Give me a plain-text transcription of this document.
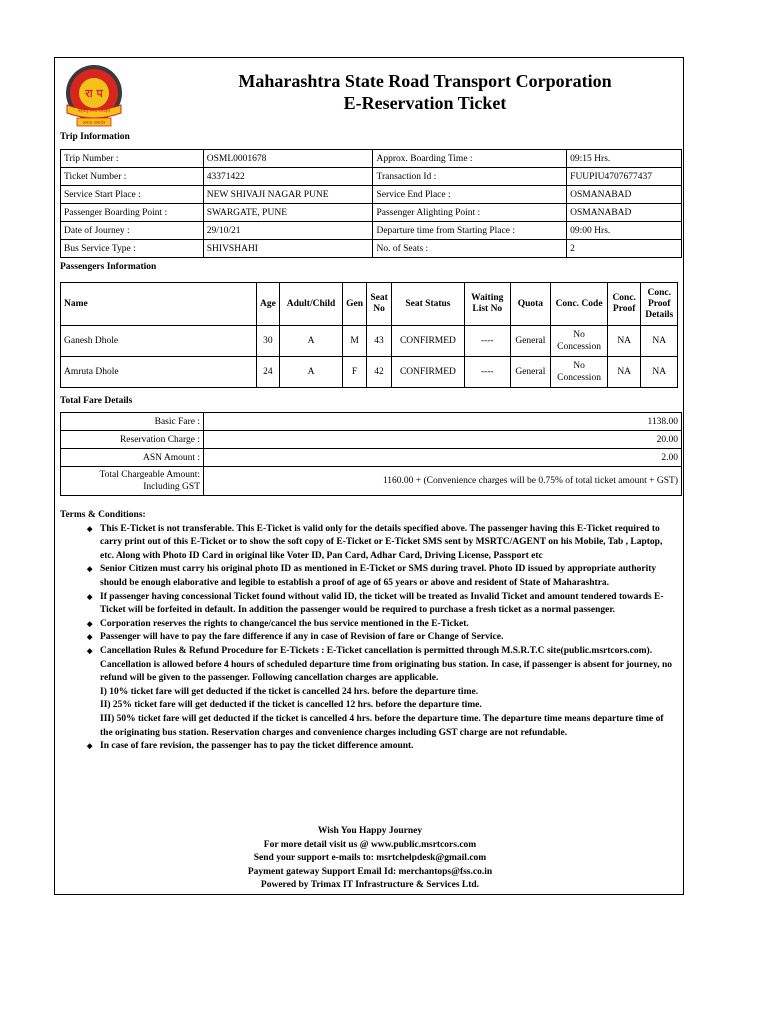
रा प
महाराष्ट्र राज्य परिवहन
जनता जनार्दन
Maharashtra State Road Transport Corporation
E-Reservation Ticket
Trip Information
Trip Number :	OSML0001678	Approx. Boarding Time :	09:15 Hrs.
Ticket Number :	43371422	Transaction Id :	FUUPIU4707677437
Service Start Place :	NEW SHIVAJI NAGAR PUNE	Service End Place :	OSMANABAD
Passenger Boarding Point :	SWARGATE, PUNE	Passenger Alighting Point :	OSMANABAD
Date of Journey :	29/10/21	Departure time from Starting Place :	09:00 Hrs.
Bus Service Type :	SHIVSHAHI	No. of Seats :	2
Passengers Information
Name	Age	Adult/Child	Gen	Seat No	Seat Status	Waiting List No	Quota	Conc. Code	Conc. Proof	Conc. Proof Details
Ganesh Dhole	30	A	M	43	CONFIRMED	----	General	No Concession	NA	NA
Amruta Dhole	24	A	F	42	CONFIRMED	----	General	No Concession	NA	NA
Total Fare Details
Basic Fare :	1138.00
Reservation Charge :	20.00
ASN Amount :	2.00

Total Chargeable Amount:
Including GST	1160.00 + (Convenience charges will be 0.75% of total ticket amount + GST)
Terms & Conditions:
◆ This E-Ticket is not transferable. This E-Ticket is valid only for the details specified above. The passenger having this E-Ticket required to carry print out of this E-Ticket or to show the soft copy of E-Ticket or E-Ticket SMS sent by MSRTC/AGENT on his Mobile, Tab , Laptop, etc. Along with Photo ID Card in original like Voter ID, Pan Card, Adhar Card, Driving License, Passport etc
◆ Senior Citizen must carry his original photo ID as mentioned in E-Ticket or SMS during travel. Photo ID issued by appropriate authority should be enough elaborative and legible to establish a proof of age of 65 years or above and resident of State of Maharashtra.
◆ If passenger having concessional Ticket found without valid ID, the ticket will be treated as Invalid Ticket and amount tendered towards E-Ticket will be forfeited in default. In addition the passenger would be required to purchase a fresh ticket as a normal passenger.
◆ Corporation reserves the rights to change/cancel the bus service mentioned in the E-Ticket.
◆ Passenger will have to pay the fare difference if any in case of Revision of fare or Change of Service.
◆ Cancellation Rules & Refund Procedure for E-Tickets : E-Ticket cancellation is permitted through M.S.R.T.C site(public.msrtcors.com). Cancellation is allowed before 4 hours of scheduled departure time from originating bus station. In case, if passenger is absent for journey, no refund will be given to the passenger. Following cancellation charges are applicable.
I) 10% ticket fare will get deducted if the ticket is cancelled 24 hrs. before the departure time.
II) 25% ticket fare will get deducted if the ticket is cancelled 12 hrs. before the departure time.
III) 50% ticket fare will get deducted if the ticket is cancelled 4 hrs. before the departure time. The departure time means departure time of the originating bus station. Reservation charges and convenience charges including GST charge are not refundable.
◆ In case of fare revision, the passenger has to pay the ticket difference amount.
Wish You Happy Journey
For more detail visit us @ www.public.msrtcors.com
Send your support e-mails to: msrtchelpdesk@gmail.com
Payment gateway Support Email Id: merchantops@fss.co.in
Powered by Trimax IT Infrastructure & Services Ltd.
